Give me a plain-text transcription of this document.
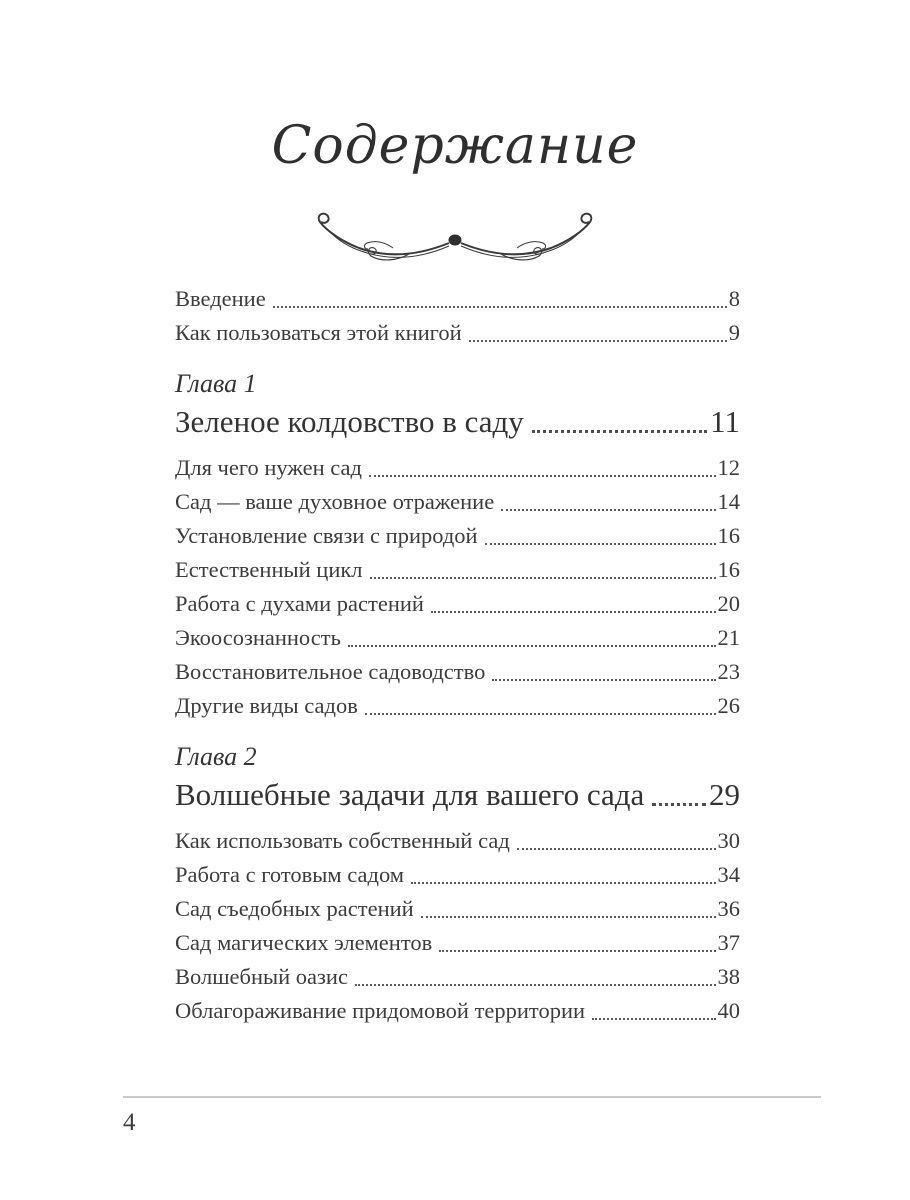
Содержание
Введение	8
Как пользоваться этой книгой	9
Глава 1
Зеленое колдовство в саду	11
Для чего нужен сад	12
Сад — ваше духовное отражение	14
Установление связи с природой	16
Естественный цикл	16
Работа с духами растений	20
Экоосознанность	21
Восстановительное садоводство	23
Другие виды садов	26
Глава 2
Волшебные задачи для вашего сада 29
Как использовать собственный сад	30
Работа с готовым садом	34
Сад съедобных растений	36
Сад магических элементов	37
Волшебный оазис	38
Облагораживание придомовой территории	40
4
